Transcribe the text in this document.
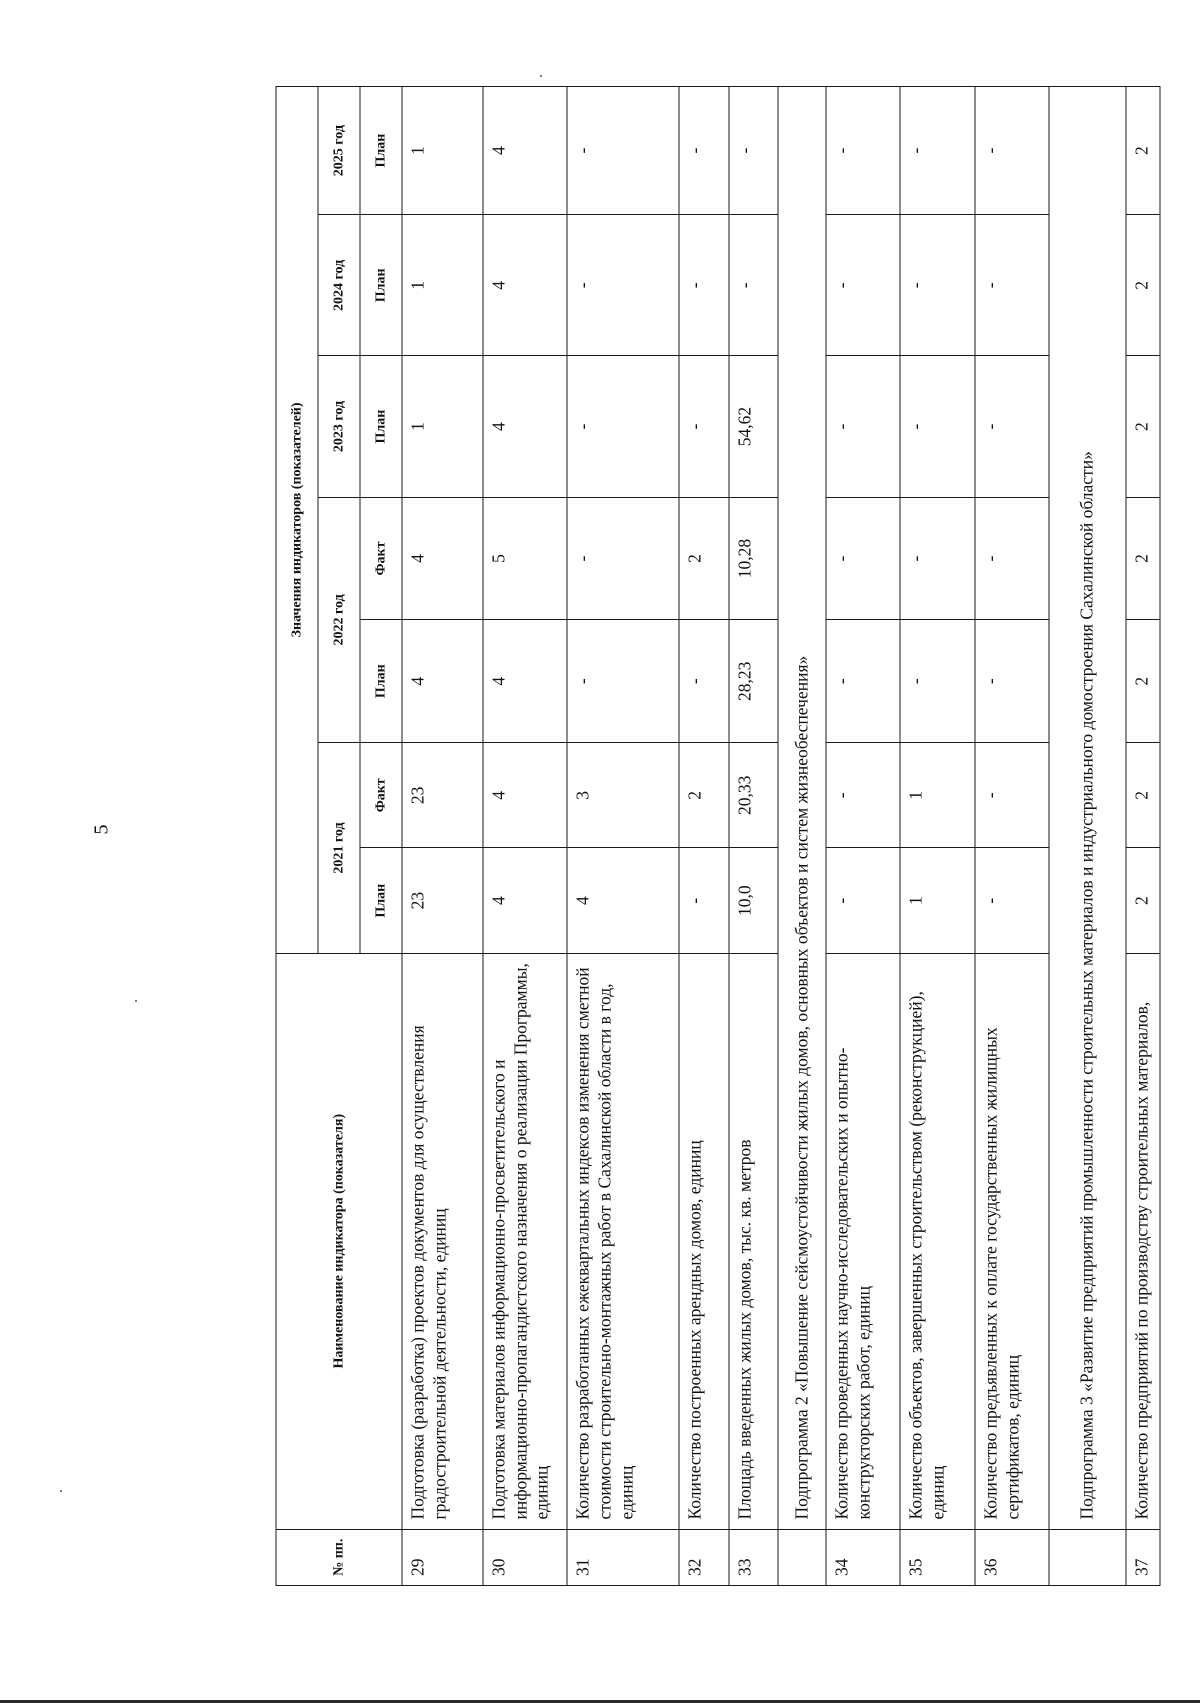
5
№ пп.	Наименование индикатора (показателя)	Значения индикаторов (показателей)						
		2021 год		2022 год		2023 год	2024 год	2025 год
		План	Факт	План	Факт	План	План	План
29	Подготовка (разработка) проектов документов для осуществления градостроительной деятельности, единиц	23	23	4	4	1	1	1
30	Подготовка материалов информационно-просветительского и информационно-пропагандистского назначения о реализации Программы, единиц	4	4	4	5	4	4	4
31	Количество разработанных ежеквартальных индексов изменения сметной стоимости строительно-монтажных работ в Сахалинской области в год, единиц	4	3	-	-	-	-	-
32	Количество построенных арендных домов, единиц	-	2	-	2	-	-	-
33	Площадь введенных жилых домов, тыс. кв. метров	10,0	20,33	28,23	10,28	54,62	-	-
	Подпрограмма 2 «Повышение сейсмоустойчивости жилых домов, основных объектов и систем жизнеобеспечения»							
34	Количество проведенных научно-исследовательских и опытно-конструкторских работ, единиц	-	-	-	-	-	-	-
35	Количество объектов, завершенных строительством (реконструкцией), единиц	1	1	-	-	-	-	-
36	Количество предъявленных к оплате государственных жилищных сертификатов, единиц	-	-	-	-	-	-	-
	Подпрограмма 3 «Развитие предприятий промышленности строительных материалов и индустриального домостроения Сахалинской области»							
37	Количество предприятий по производству строительных материалов,	2	2	2	2	2	2	2
